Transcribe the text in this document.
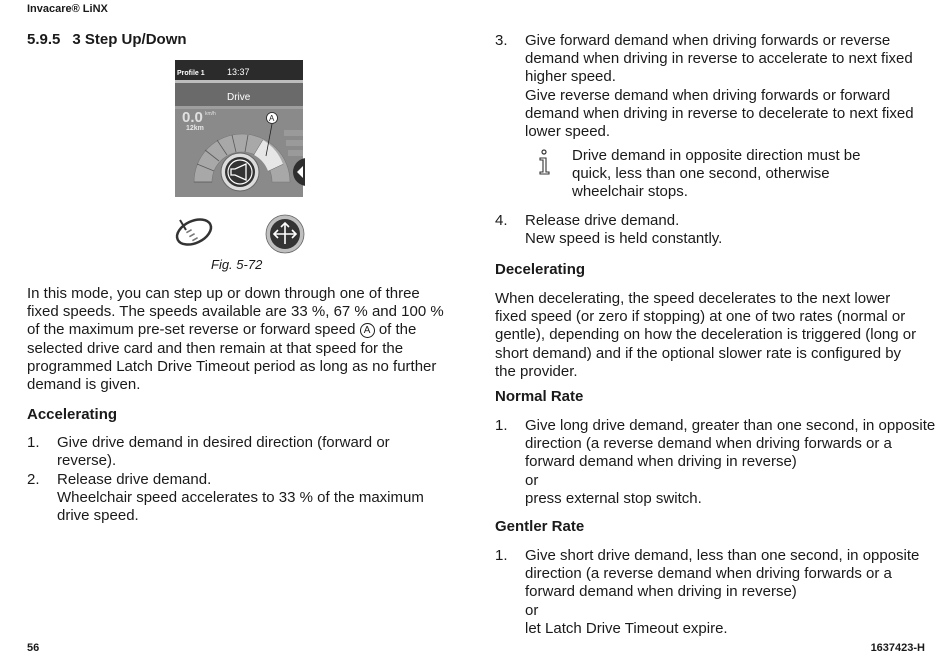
Invacare® LiNX
5.9.5 3 Step Up/Down
Profile 1 13:37
Drive
0.0 km/h
12km
A
Fig. 5-72
In this mode, you can step up or down through one of three fixed speeds. The speeds available are 33 %, 67 % and 100 % of the maximum pre-set reverse or forward speed A of the selected drive card and then remain at that speed for the programmed Latch Drive Timeout period as long as no further demand is given.
Accelerating
1. Give drive demand in desired direction (forward or reverse).
2. Release drive demand.
Wheelchair speed accelerates to 33 % of the maximum drive speed.
3. Give forward demand when driving forwards or reverse demand when driving in reverse to accelerate to next fixed higher speed.
Give reverse demand when driving forwards or forward demand when driving in reverse to decelerate to next fixed lower speed.
4. Release drive demand.
New speed is held constantly.
Decelerating
When decelerating, the speed decelerates to the next lower fixed speed (or zero if stopping) at one of two rates (normal or gentle), depending on how the deceleration is triggered (long or short demand) and if the optional slower rate is configured by the provider.
Normal Rate
1. Give long drive demand, greater than one second, in opposite direction (a reverse demand when driving forwards or a forward demand when driving in reverse)
or
press external stop switch.
Gentler Rate
1. Give short drive demand, less than one second, in opposite direction (a reverse demand when driving forwards or a forward demand when driving in reverse)
or
let Latch Drive Timeout expire.
Drive demand in opposite direction must be quick, less than one second, otherwise wheelchair stops.
56	1637423-H
